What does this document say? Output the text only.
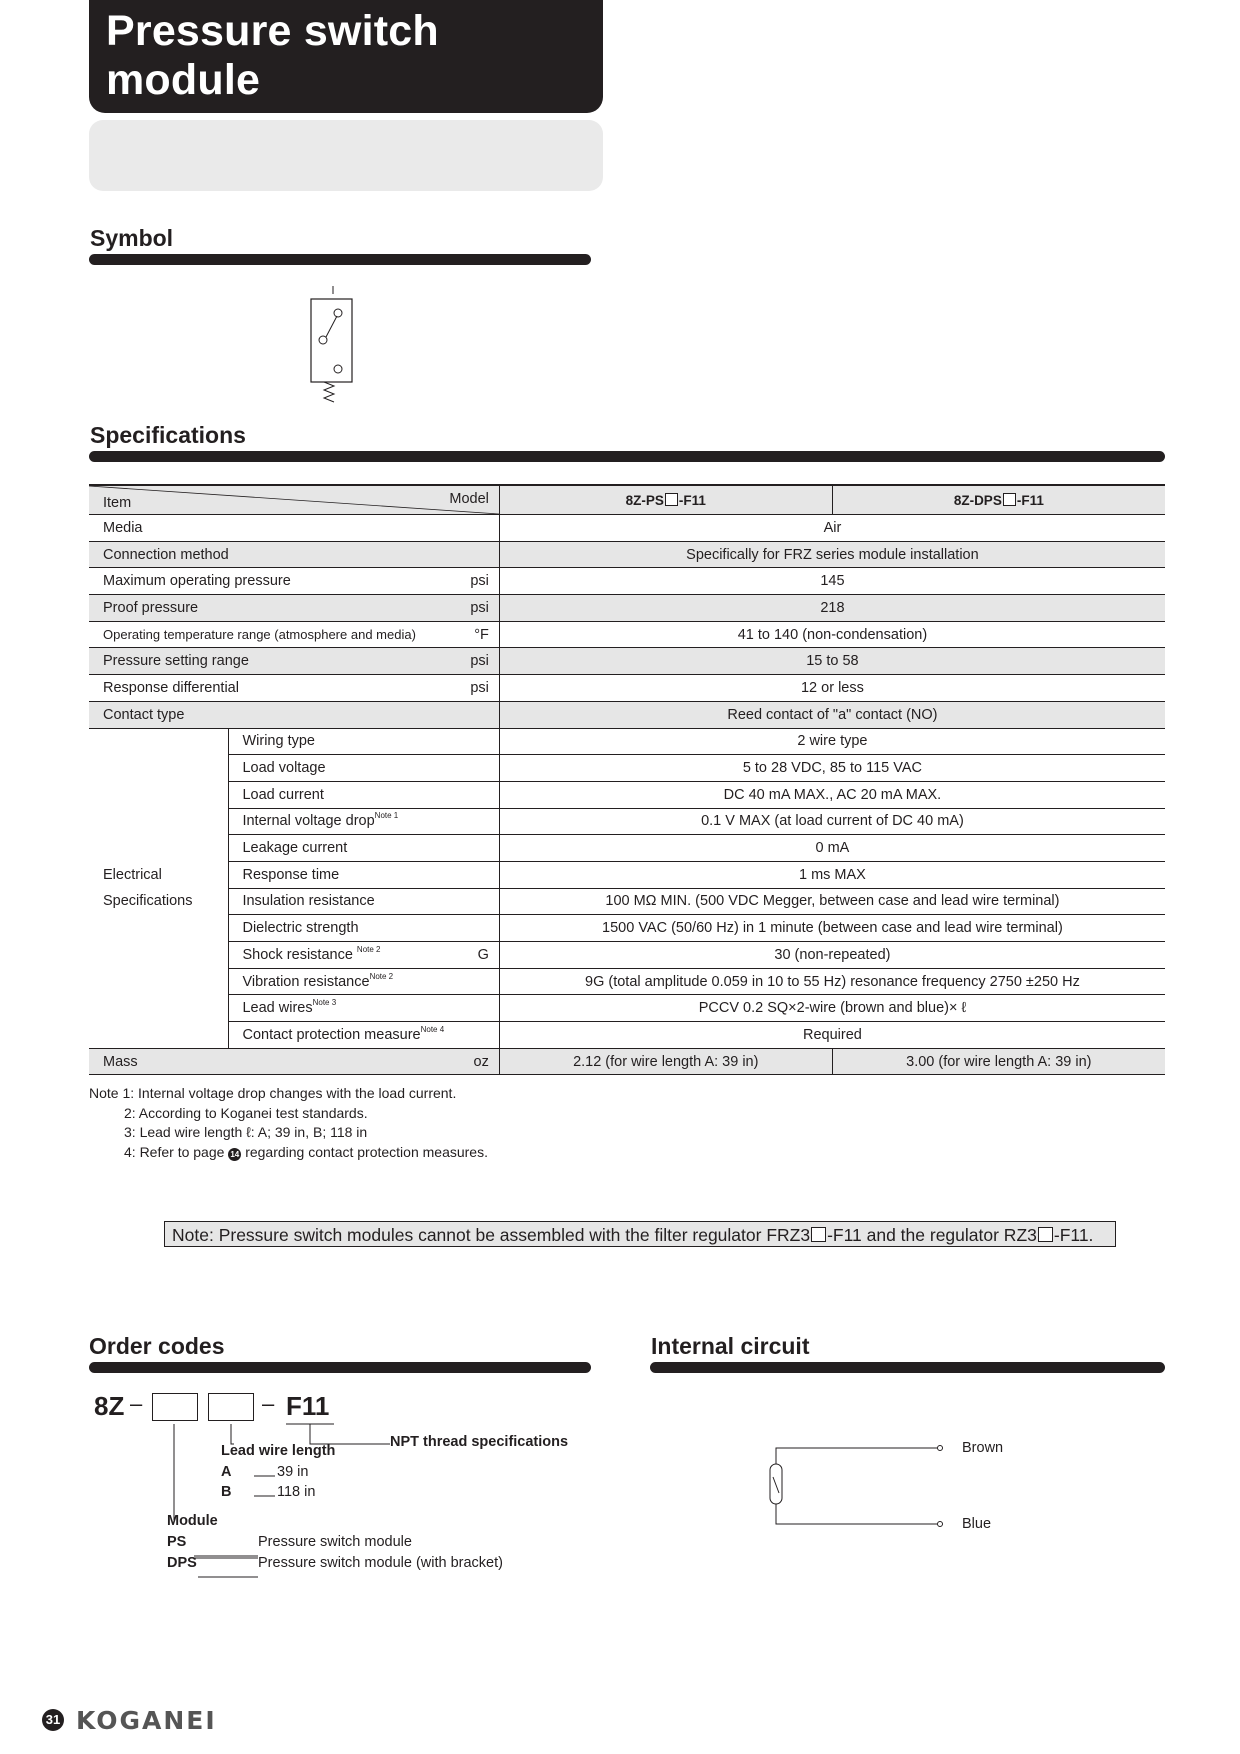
Pressure switch module
Symbol
Specifications
Item Model			8Z-PS -F11	8Z-DPS -F11
Media			Air	
Connection method			Specifically for FRZ series module installation	
Maximum operating pressure		psi	145	
Proof pressure		psi	218	
Operating temperature range (atmosphere and media)		°F	41 to 140 (non-condensation)	
Pressure setting range		psi	15 to 58	
Response differential		psi	12 or less	
Contact type			Reed contact of "a" contact (NO)	

Electrical
Specifications	Wiring type		2 wire type	
	Load voltage		5 to 28 VDC, 85 to 115 VAC	
	Load current		DC 40 mA MAX., AC 20 mA MAX.	
	Internal voltage drop$^{Note 1}$		0.1 V MAX (at load current of DC 40 mA)	
	Leakage current		0 mA	
	Response time		1 ms MAX	
	Insulation resistance		100 MΩ MIN. (500 VDC Megger, between case and lead wire terminal)	
	Dielectric strength		1500 VAC (50/60 Hz) in 1 minute (between case and lead wire terminal)	
	Shock resistance $^{Note 2}$	G	30 (non-repeated)	
	Vibration resistance$^{Note 2}$		9G (total amplitude 0.059 in 10 to 55 Hz) resonance frequency 2750 ±250 Hz	
	Lead wires$^{Note 3}$		PCCV 0.2 SQ×2-wire (brown and blue)× ℓ	
	Contact protection measure$^{Note 4}$		Required	
Mass		oz	2.12 (for wire length A: 39 in)	3.00 (for wire length A: 39 in)
Note 1: Internal voltage drop changes with the load current.
2: According to Koganei test standards.
3: Lead wire length ℓ: A; 39 in, B; 118 in
4: Refer to page 14 regarding contact protection measures.
Note: Pressure switch modules cannot be assembled with the filter regulator FRZ3 -F11 and the regulator RZ3 -F11.
Order codes
8Z –	– F11
NPT thread specifications
Lead wire length
A	39 in
B	118 in
Module
PS	Pressure switch module
DPS	Pressure switch module (with bracket)
Internal circuit
Brown
Blue
31 KOGANEI
